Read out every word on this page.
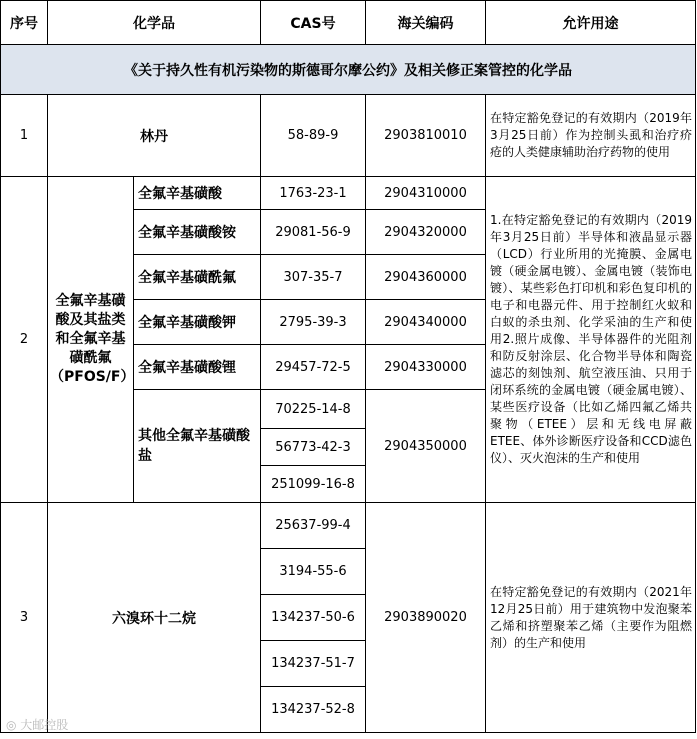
序号	化学品		CAS号	海关编码	允许用途
《关于持久性有机污染物的斯德哥尔摩公约》及相关修正案管控的化学品					
1	林丹		58-89-9	2903810010	在特定豁免登记的有效期内（2019年3月25日前）作为控制头虱和治疗疥疮的人类健康辅助治疗药物的使用
2	全氟辛基磺酸及其盐类和全氟辛基磺酰氟（PFOS/F）	全氟辛基磺酸	1763-23-1	2904310000	1.在特定豁免登记的有效期内（2019年3月25日前）半导体和液晶显示器（LCD）行业所用的光掩膜、金属电镀（硬金属电镀）、金属电镀（装饰电镀）、某些彩色打印机和彩色复印机的电子和电器元件、用于控制红火蚁和白蚁的杀虫剂、化学采油的生产和使用2.照片成像、半导体器件的光阻剂和防反射涂层、化合物半导体和陶瓷滤芯的刻蚀剂、航空液压油、只用于闭环系统的金属电镀（硬金属电镀）、某些医疗设备（比如乙烯四氟乙烯共聚物（ETEE）层和无线电屏蔽ETEE、体外诊断医疗设备和CCD滤色仪）、灭火泡沫的生产和使用
		全氟辛基磺酸铵	29081-56-9	2904320000	
		全氟辛基磺酰氟	307-35-7	2904360000	
		全氟辛基磺酸钾	2795-39-3	2904340000	
		全氟辛基磺酸锂	29457-72-5	2904330000	
		其他全氟辛基磺酸盐	70225-14-8	2904350000	
			56773-42-3		
			251099-16-8		
3	六溴环十二烷		25637-99-4	2903890020	在特定豁免登记的有效期内（2021年12月25日前）用于建筑物中发泡聚苯乙烯和挤塑聚苯乙烯（主要作为阻燃剂）的生产和使用
			3194-55-6		
			134237-50-6		
			134237-51-7		
			134237-52-8		
◎ 大邮控股
